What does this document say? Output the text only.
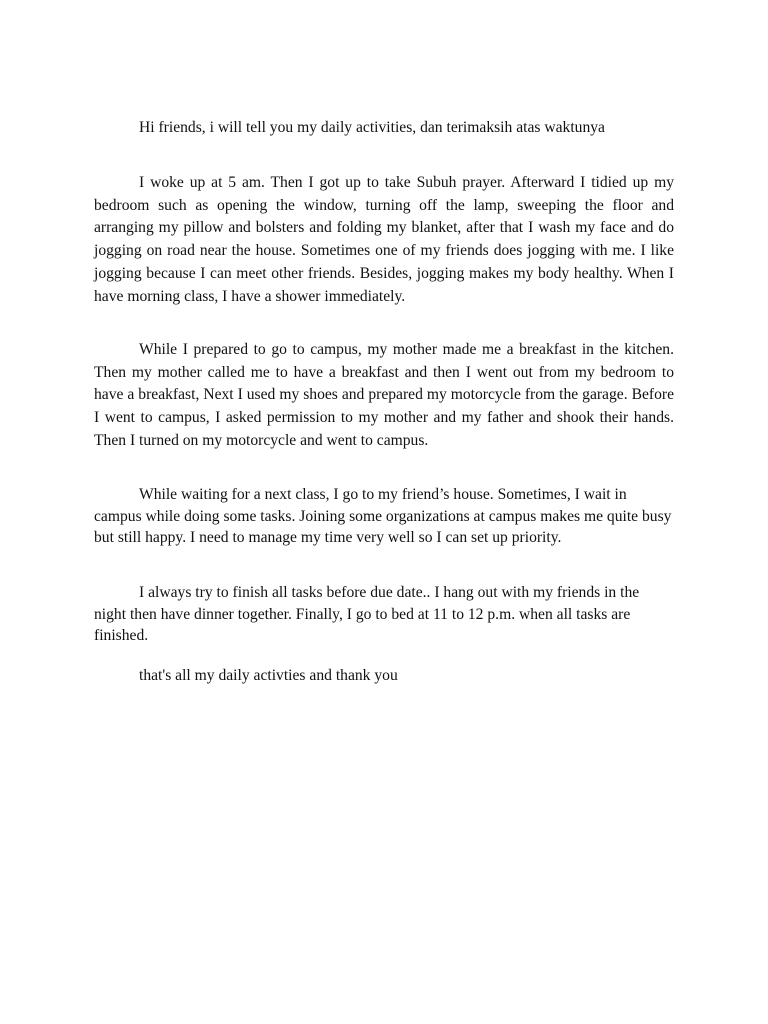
Hi friends, i will tell you my daily activities, dan terimaksih atas waktunya

I woke up at 5 am. Then I got up to take Subuh prayer. Afterward I tidied up my bedroom such as opening the window, turning off the lamp, sweeping the floor and arranging my pillow and bolsters and folding my blanket, after that I wash my face and do jogging on road near the house. Sometimes one of my friends does jogging with me. I like jogging because I can meet other friends. Besides, jogging makes my body healthy. When I have morning class, I have a shower immediately.

While I prepared to go to campus, my mother made me a breakfast in the kitchen. Then my mother called me to have a breakfast and then I went out from my bedroom to have a breakfast, Next I used my shoes and prepared my motorcycle from the garage. Before I went to campus, I asked permission to my mother and my father and shook their hands. Then I turned on my motorcycle and went to campus.

While waiting for a next class, I go to my friend’s house. Sometimes, I wait in campus while doing some tasks. Joining some organizations at campus makes me quite busy but still happy. I need to manage my time very well so I can set up priority.

I always try to finish all tasks before due date.. I hang out with my friends in the night then have dinner together. Finally, I go to bed at 11 to 12 p.m. when all tasks are finished.

that's all my daily activties and thank you
